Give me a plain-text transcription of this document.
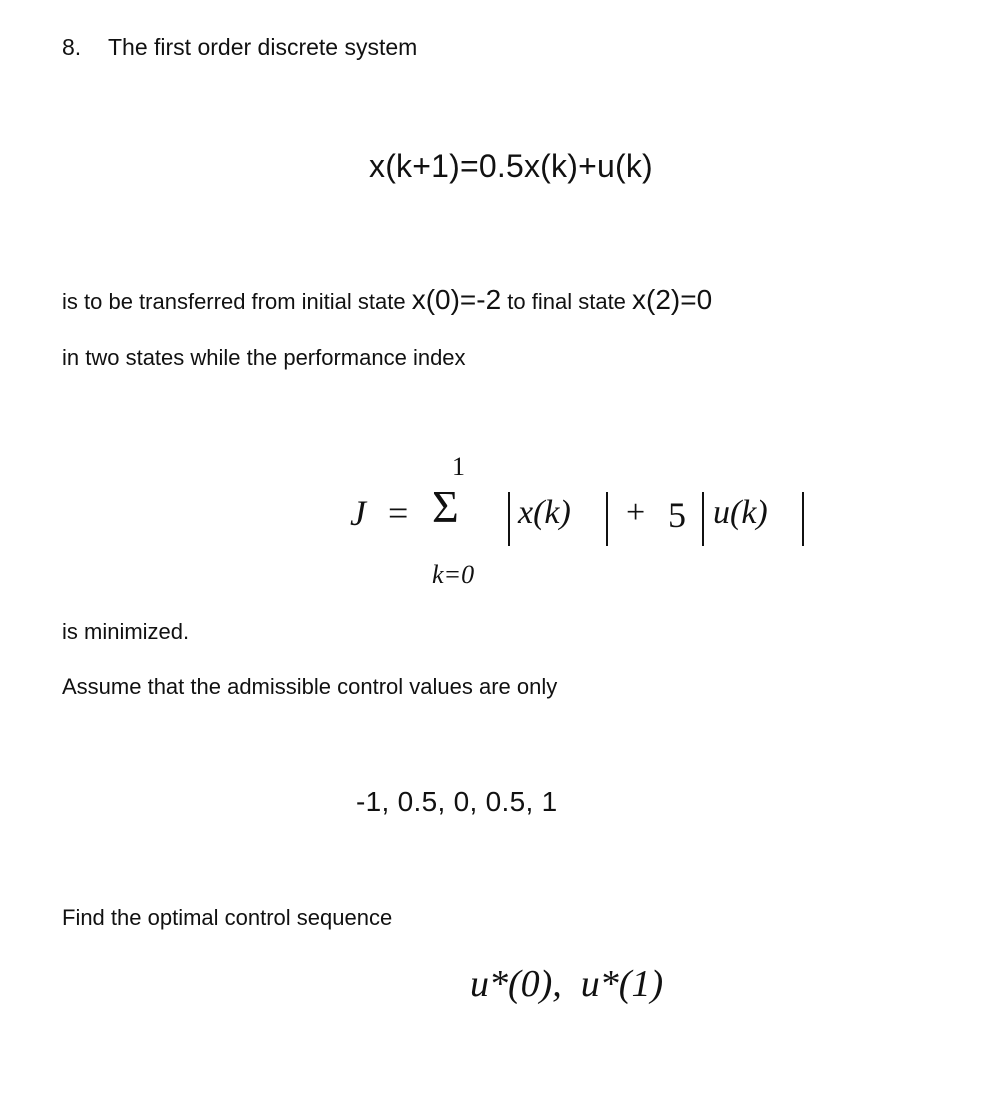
8. The first order discrete system
x(k+1)=0.5x(k)+u(k)
is to be transferred from initial state x(0)=-2 to final state x(2)=0
in two states while the performance index
J =
1
Σ
k=0
x(k) + 5 u(k)
is minimized.
Assume that the admissible control values are only
-1, 0.5, 0, 0.5, 1
Find the optimal control sequence
u*(0),  u*(1)
